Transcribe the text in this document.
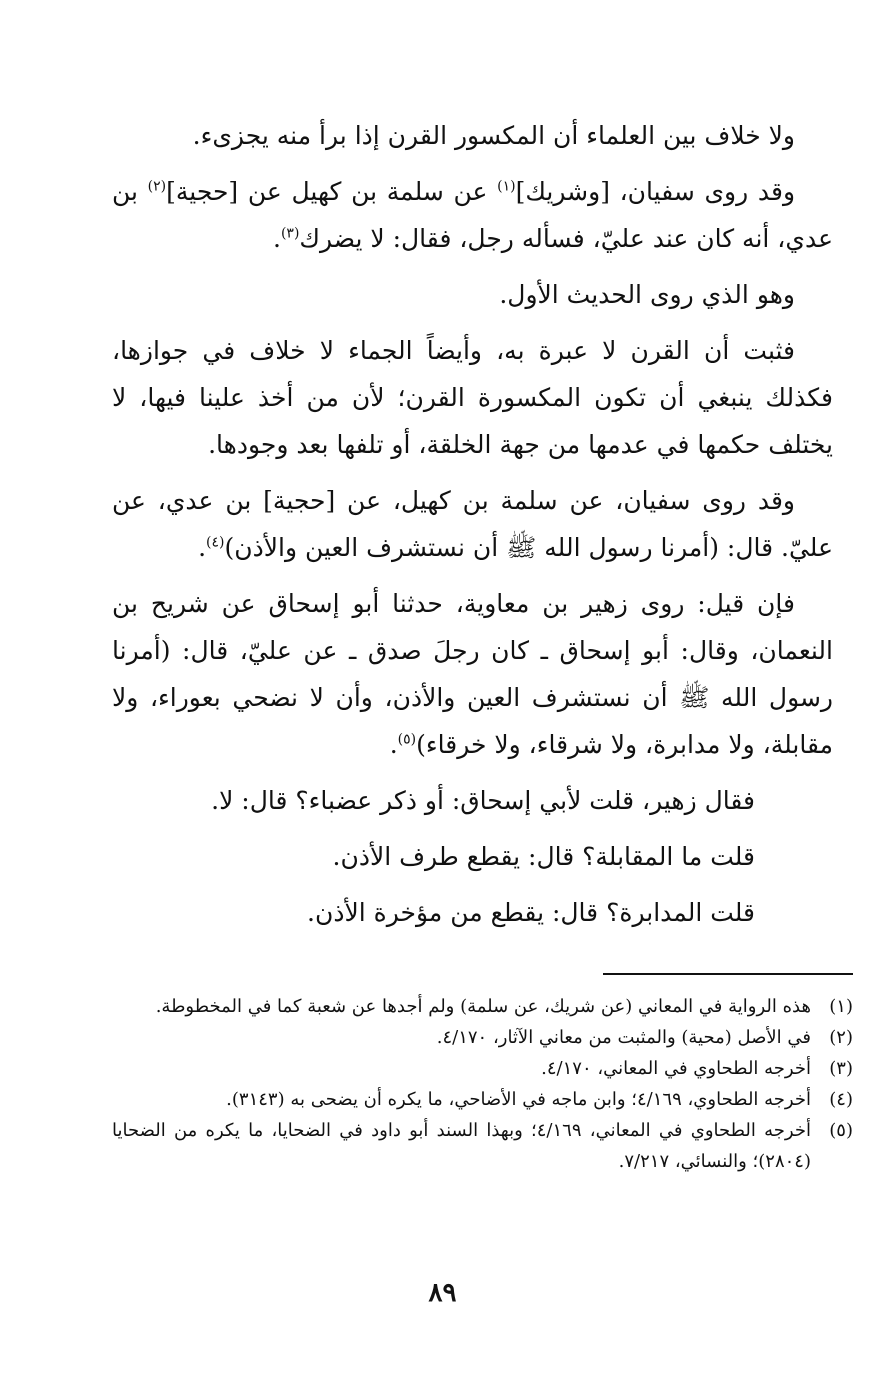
ولا خلاف بين العلماء أن المكسور القرن إذا برأ منه يجزىء.

وقد روى سفيان، [وشريك]$^{(١)}$ عن سلمة بن كهيل عن [حجية]$^{(٢)}$ بن عدي، أنه كان عند عليّ، فسأله رجل، فقال: لا يضرك$^{(٣)}$.

وهو الذي روى الحديث الأول.

فثبت أن القرن لا عبرة به، وأيضاً الجماء لا خلاف في جوازها، فكذلك ينبغي أن تكون المكسورة القرن؛ لأن من أخذ علينا فيها، لا يختلف حكمها في عدمها من جهة الخلقة، أو تلفها بعد وجودها.

وقد روى سفيان، عن سلمة بن كهيل، عن [حجية] بن عدي، عن عليّ. قال: (أمرنا رسول الله ﷺ أن نستشرف العين والأذن)$^{(٤)}$.

فإن قيل: روى زهير بن معاوية، حدثنا أبو إسحاق عن شريح بن النعمان، وقال: أبو إسحاق ـ كان رجلَ صدق ـ عن عليّ، قال: (أمرنا رسول الله ﷺ أن نستشرف العين والأذن، وأن لا نضحي بعوراء، ولا مقابلة، ولا مدابرة، ولا شرقاء، ولا خرقاء)$^{(٥)}$.

فقال زهير، قلت لأبي إسحاق: أو ذكر عضباء؟ قال: لا.

قلت ما المقابلة؟ قال: يقطع طرف الأذن.

قلت المدابرة؟ قال: يقطع من مؤخرة الأذن.

(١)
هذه الرواية في المعاني (عن شريك، عن سلمة) ولم أجدها عن شعبة كما في المخطوطة.
(٢)
في الأصل (محية) والمثبت من معاني الآثار، ٤/١٧٠.
(٣)
أخرجه الطحاوي في المعاني، ٤/١٧٠.
(٤)
أخرجه الطحاوي، ٤/١٦٩؛ وابن ماجه في الأضاحي، ما يكره أن يضحى به (٣١٤٣).
(٥)
أخرجه الطحاوي في المعاني، ٤/١٦٩؛ وبهذا السند أبو داود في الضحايا، ما يكره من الضحايا (٢٨٠٤)؛ والنسائي، ٧/٢١٧.
٨٩
